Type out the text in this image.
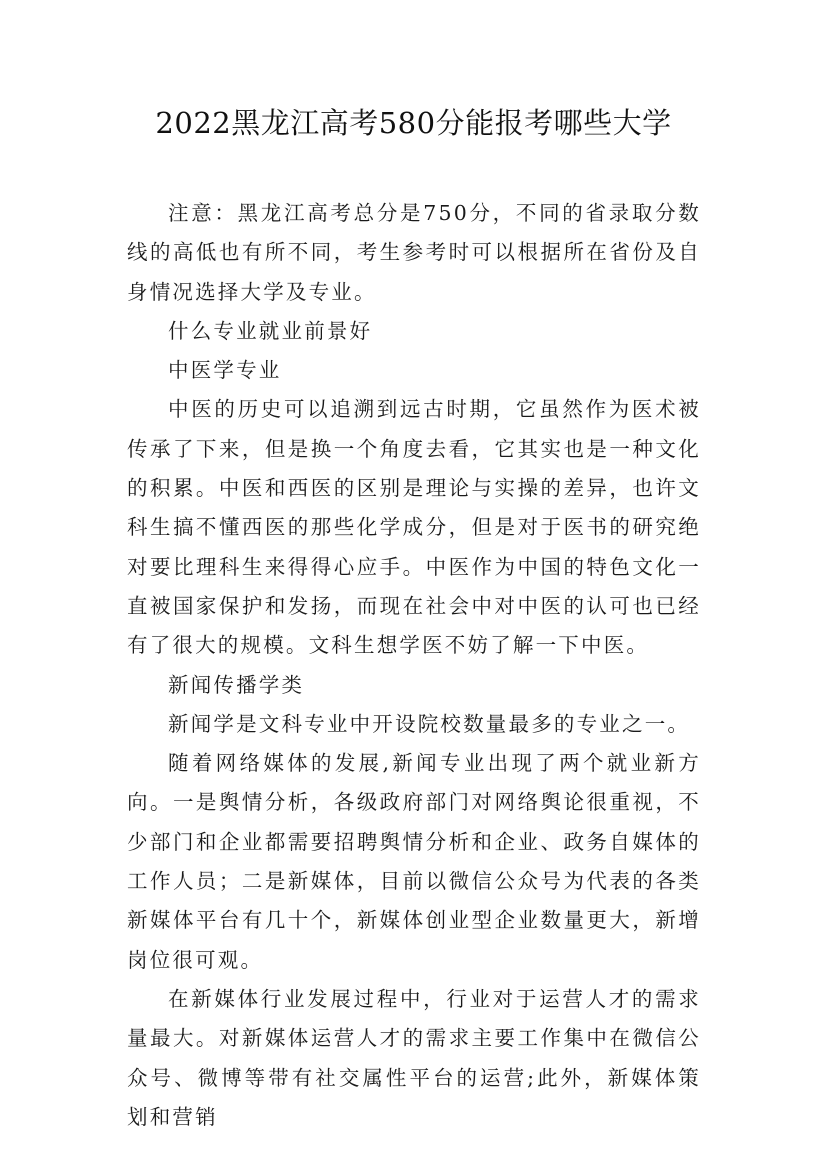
2022黑龙江高考580分能报考哪些大学

注意：黑龙江高考总分是750分，不同的省录取分数线的高低也有所不同，考生参考时可以根据所在省份及自身情况选择大学及专业。

什么专业就业前景好

中医学专业

中医的历史可以追溯到远古时期，它虽然作为医术被传承了下来，但是换一个角度去看，它其实也是一种文化的积累。中医和西医的区别是理论与实操的差异，也许文科生搞不懂西医的那些化学成分，但是对于医书的研究绝对要比理科生来得得心应手。中医作为中国的特色文化一直被国家保护和发扬，而现在社会中对中医的认可也已经有了很大的规模。文科生想学医不妨了解一下中医。

新闻传播学类

新闻学是文科专业中开设院校数量最多的专业之一。

随着网络媒体的发展,新闻专业出现了两个就业新方向。一是舆情分析，各级政府部门对网络舆论很重视，不少部门和企业都需要招聘舆情分析和企业、政务自媒体的工作人员；二是新媒体，目前以微信公众号为代表的各类新媒体平台有几十个，新媒体创业型企业数量更大，新增岗位很可观。

在新媒体行业发展过程中，行业对于运营人才的需求量最大。对新媒体运营人才的需求主要工作集中在微信公众号、微博等带有社交属性平台的运营;此外，新媒体策划和营销
